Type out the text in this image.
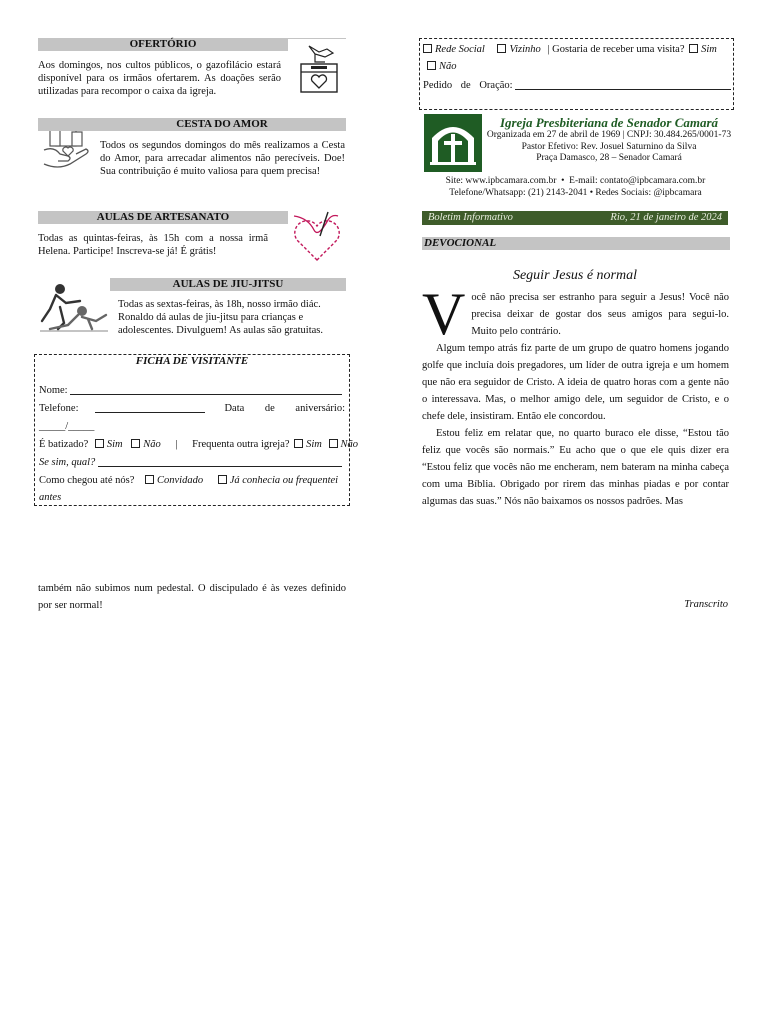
OFERTÓRIO
Aos domingos, nos cultos públicos, o gazofilácio estará disponível para os irmãos ofertarem. As doações serão utilizadas para recompor o caixa da igreja.
CESTA DO AMOR
Todos os segundos domingos do mês realizamos a Cesta do Amor, para arrecadar alimentos não perecíveis. Doe! Sua contribuição é muito valiosa para quem precisa!
AULAS DE ARTESANATO
Todas as quintas-feiras, às 15h com a nossa irmã Helena. Participe! Inscreva-se já! É grátis!
AULAS DE JIU-JITSU
Todas as sextas-feiras, às 18h, nosso irmão diác. Ronaldo dá aulas de jiu-jitsu para crianças e adolescentes. Divulguem! As aulas são gratuitas.
FICHA DE VISITANTE
Nome:
Telefone:	Data de aniversário:
_____/_____
É batizado? Sim Não | Frequenta outra igreja? Sim Não
Se sim, qual?
Como chegou até nós? Convidado	Já conhecia ou frequentei antes
também não subimos num pedestal. O discipulado é às vezes definido por ser normal!
Rede Social Vizinho | Gostaria de receber uma visita? Sim Não
Pedido de Oração:
Igreja Presbiteriana de Senador Camará
Organizada em 27 de abril de 1969 | CNPJ: 30.484.265/0001-73
Pastor Efetivo: Rev. Josuel Saturnino da Silva
Praça Damasco, 28 – Senador Camará
Site: www.ipbcamara.com.br  •  E-mail: contato@ipbcamara.com.br
Telefone/Whatsapp: (21) 2143-2041 • Redes Sociais: @ipbcamara
Boletim Informativo	Rio, 21 de janeiro de 2024
DEVOCIONAL
Seguir Jesus é normal

Você não precisa ser estranho para seguir a Jesus! Você não precisa deixar de gostar dos seus amigos para segui-lo. Muito pelo contrário.

Algum tempo atrás fiz parte de um grupo de quatro homens jogando golfe que incluía dois pregadores, um líder de outra igreja e um homem que não era seguidor de Cristo. A ideia de quatro horas com a gente não o interessava. Mas, o melhor amigo dele, um seguidor de Cristo, e o chefe dele, insistiram. Então ele concordou.

Estou feliz em relatar que, no quarto buraco ele disse, “Estou tão feliz que vocês são normais.” Eu acho que o que ele quis dizer era “Estou feliz que vocês não me encheram, nem bateram na minha cabeça com uma Bíblia. Obrigado por rirem das minhas piadas e por contar algumas das suas.” Nós não baixamos os nossos padrões. Mas

Transcrito
